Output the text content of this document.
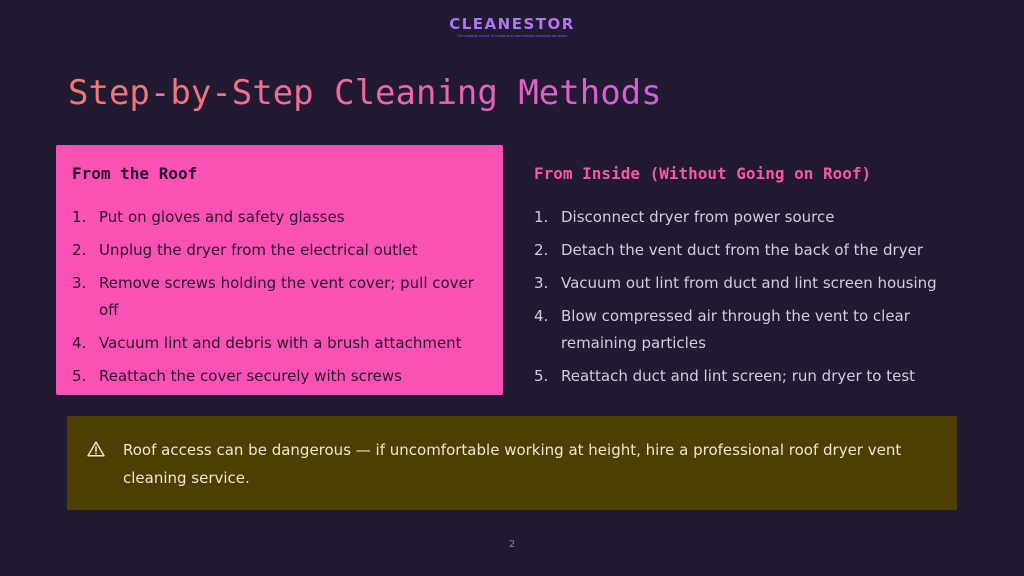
CLEANESTOR
The leading choice in home and commercial cleaning solutions
Step-by-Step Cleaning Methods
From the Roof
1. Put on gloves and safety glasses
2. Unplug the dryer from the electrical outlet
3. Remove screws holding the vent cover; pull cover off
4. Vacuum lint and debris with a brush attachment
5. Reattach the cover securely with screws
From Inside (Without Going on Roof)
1. Disconnect dryer from power source
2. Detach the vent duct from the back of the dryer
3. Vacuum out lint from duct and lint screen housing
4. Blow compressed air through the vent to clear remaining particles
5. Reattach duct and lint screen; run dryer to test
Roof access can be dangerous — if uncomfortable working at height, hire a professional roof dryer vent cleaning service.
2
